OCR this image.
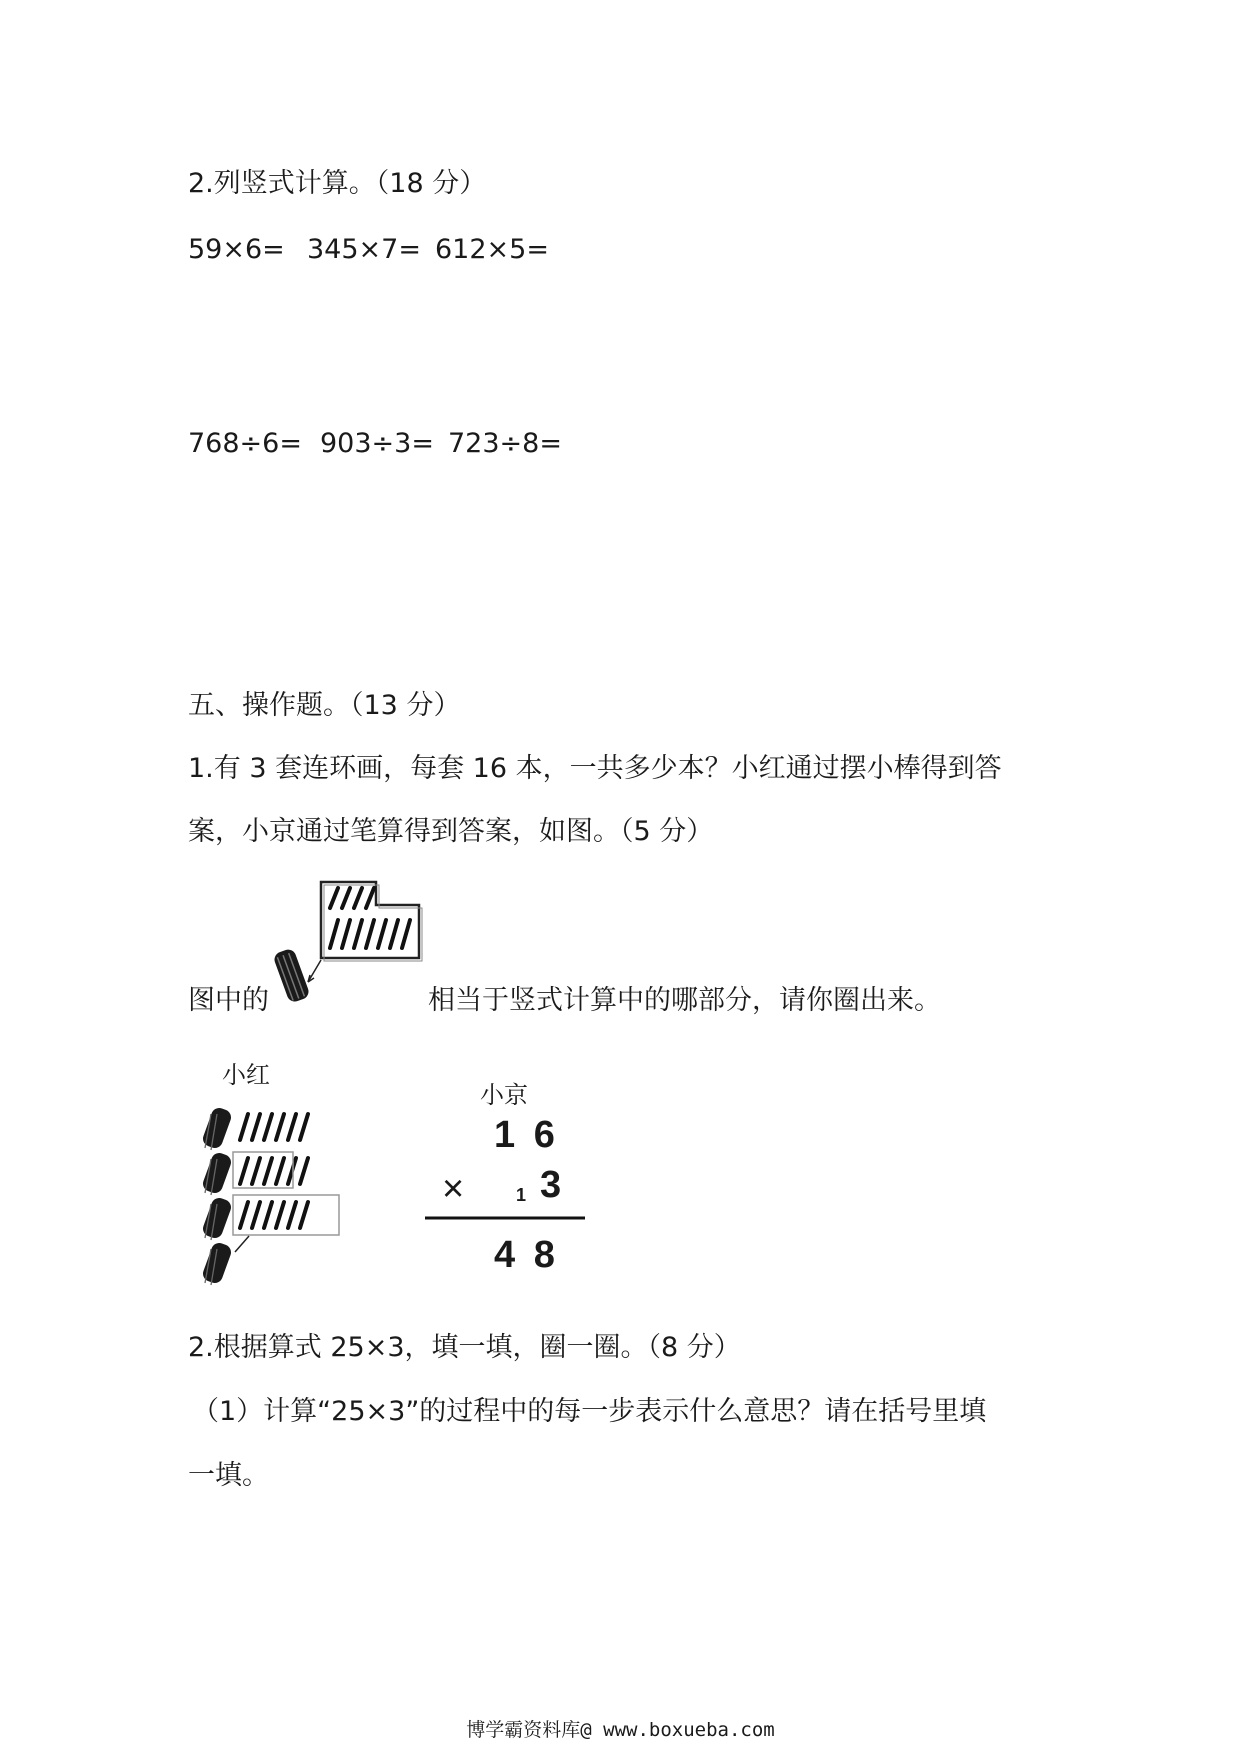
2.列竖式计算。（18 分）
59×6= 345×7= 612×5=
768÷6= 903÷3= 723÷8=
五、操作题。（13 分）
1.有 3 套连环画，每套 16 本，一共多少本？小红通过摆小棒得到答
案，小京通过笔算得到答案，如图。（5 分）
图中的	相当于竖式计算中的哪部分，请你圈出来。
小红
小京
1 6
×	1 3
4 8
2.根据算式 25×3，填一填，圈一圈。（8 分）
（1）计算“25×3”的过程中的每一步表示什么意思？请在括号里填
一填。
博学霸资料库@ www.boxueba.com
